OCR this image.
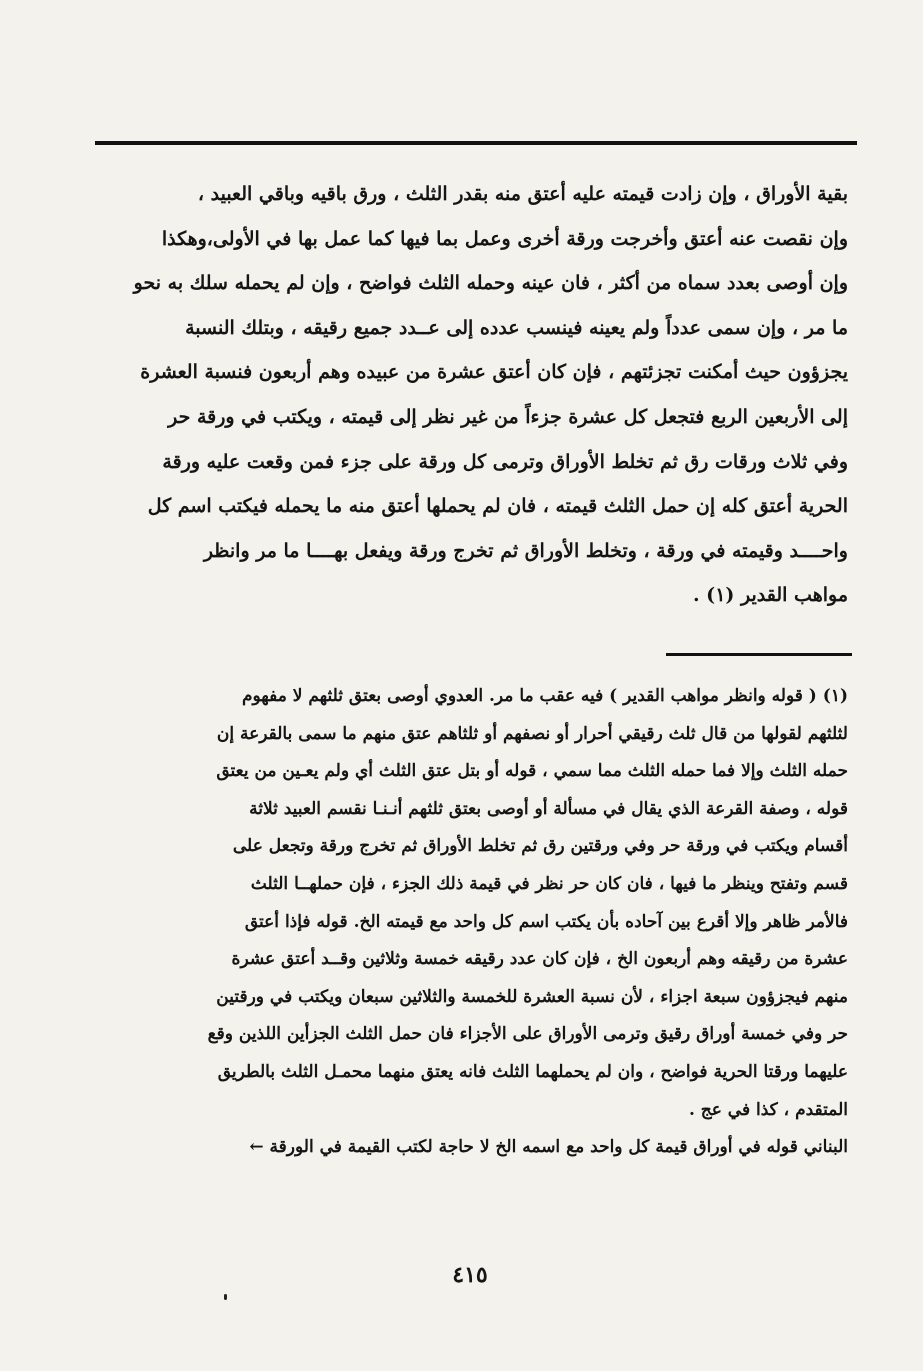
بقية الأوراق ، وإن زادت قيمته عليه أعتق منه بقدر الثلث ، ورق باقيه وباقي العبيد ،
وإن نقصت عنه أعتق وأخرجت ورقة أخرى وعمل بما فيها كما عمل بها في الأولى،وهكذا
وإن أوصى بعدد سماه من أكثر ، فان عينه وحمله الثلث فواضح ، وإن لم يحمله سلك به نحو
ما مر ، وإن سمى عدداً ولم يعينه فينسب عدده إلى عــدد جميع رقيقه ، وبتلك النسبة
يجزؤون حيث أمكنت تجزئتهم ، فإن كان أعتق عشرة من عبيده وهم أربعون فنسبة العشرة
إلى الأربعين الربع فتجعل كل عشرة جزءاً من غير نظر إلى قيمته ، ويكتب في ورقة حر
وفي ثلاث ورقات رق ثم تخلط الأوراق وترمى كل ورقة على جزء فمن وقعت عليه ورقة
الحرية أعتق كله إن حمل الثلث قيمته ، فان لم يحملها أعتق منه ما يحمله فيكتب اسم كل
واحــــد وقيمته في ورقة ، وتخلط الأوراق ثم تخرج ورقة ويفعل بهــــا ما مر وانظر
مواهب القدير (١) .
(١) ( قوله وانظر مواهب القدير ) فيه عقب ما مر. العدوي أوصى بعتق ثلثهم لا مفهوم
لثلثهم لقولها من قال ثلث رقيقي أحرار أو نصفهم أو ثلثاهم عتق منهم ما سمى بالقرعة إن
حمله الثلث وإلا فما حمله الثلث مما سمي ، قوله أو بتل عتق الثلث أي ولم يعـين من يعتق
قوله ، وصفة القرعة الذي يقال في مسألة أو أوصى بعتق ثلثهم أنـنـا نقسم العبيد ثلاثة
أقسام ويكتب في ورقة حر وفي ورقتين رق ثم تخلط الأوراق ثم تخرج ورقة وتجعل على
قسم وتفتح وينظر ما فيها ، فان كان حر نظر في قيمة ذلك الجزء ، فإن حملهــا الثلث
فالأمر ظاهر وإلا أقرع بين آحاده بأن يكتب اسم كل واحد مع قيمته الخ. قوله فإذا أعتق
عشرة من رقيقه وهم أربعون الخ ، فإن كان عدد رقيقه خمسة وثلاثين وقــد أعتق عشرة
منهم فيجزؤون سبعة اجزاء ، لأن نسبة العشرة للخمسة والثلاثين سبعان ويكتب في ورقتين
حر وفي خمسة أوراق رقيق وترمى الأوراق على الأجزاء فان حمل الثلث الجزأين اللذين وقع
عليهما ورقتا الحرية فواضح ، وان لم يحملهما الثلث فانه يعتق منهما محمـل الثلث بالطريق
المتقدم ، كذا في عج .
البناني قوله في أوراق قيمة كل واحد مع اسمه الخ لا حاجة لكتب القيمة في الورقة ←
٤١٥
